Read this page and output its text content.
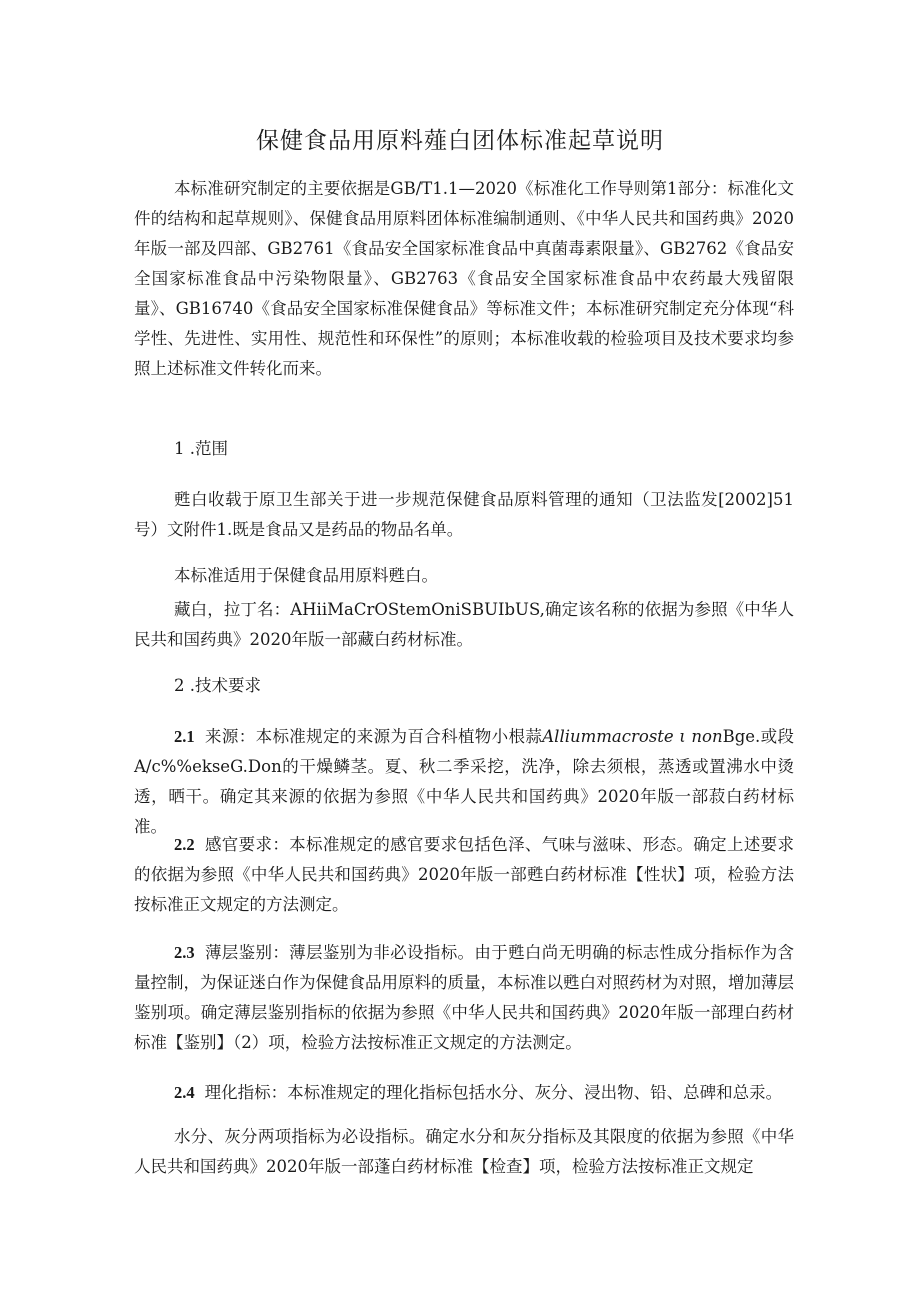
保健食品用原料薤白团体标准起草说明

本标准研究制定的主要依据是GB/T1.1—2020《标准化工作导则第1部分：标准化文件的结构和起草规则》、保健食品用原料团体标准编制通则、《中华人民共和国药典》2020年版一部及四部、GB2761《食品安全国家标准食品中真菌毒素限量》、GB2762《食品安全国家标准食品中污染物限量》、GB2763《食品安全国家标准食品中农药最大残留限量》、GB16740《食品安全国家标准保健食品》等标准文件；本标准研究制定充分体现“科学性、先进性、实用性、规范性和环保性”的原则；本标准收载的检验项目及技术要求均参照上述标准文件转化而来。

1 .范围

甦白收载于原卫生部关于进一步规范保健食品原料管理的通知（卫法监发[2002]51号）文附件1.既是食品又是药品的物品名单。

本标准适用于保健食品用原料甦白。

藏白，拉丁名：AHiiMaCrOStemOniSBUIbUS,确定该名称的依据为参照《中华人民共和国药典》2020年版一部藏白药材标准。

2 .技术要求

2.1 来源：本标准规定的来源为百合科植物小根蒜Alliummacroste ι nonBge.或段A/c%%ekseG.Don的干燥鳞茎。夏、秋二季采挖，洗净，除去须根，蒸透或置沸水中烫透，晒干。确定其来源的依据为参照《中华人民共和国药典》2020年版一部菽白药材标准。

2.2 感官要求：本标准规定的感官要求包括色泽、气味与滋味、形态。确定上述要求的依据为参照《中华人民共和国药典》2020年版一部甦白药材标准【性状】项，检验方法按标准正文规定的方法测定。

2.3 薄层鉴别：薄层鉴别为非必设指标。由于甦白尚无明确的标志性成分指标作为含量控制，为保证迷白作为保健食品用原料的质量，本标准以甦白对照药材为对照，增加薄层鉴别项。确定薄层鉴别指标的依据为参照《中华人民共和国药典》2020年版一部理白药材标准【鉴别】（2）项，检验方法按标准正文规定的方法测定。

2.4 理化指标：本标准规定的理化指标包括水分、灰分、浸出物、铅、总碑和总汞。

水分、灰分两项指标为必设指标。确定水分和灰分指标及其限度的依据为参照《中华人民共和国药典》2020年版一部蓬白药材标准【检查】项，检验方法按标准正文规定
